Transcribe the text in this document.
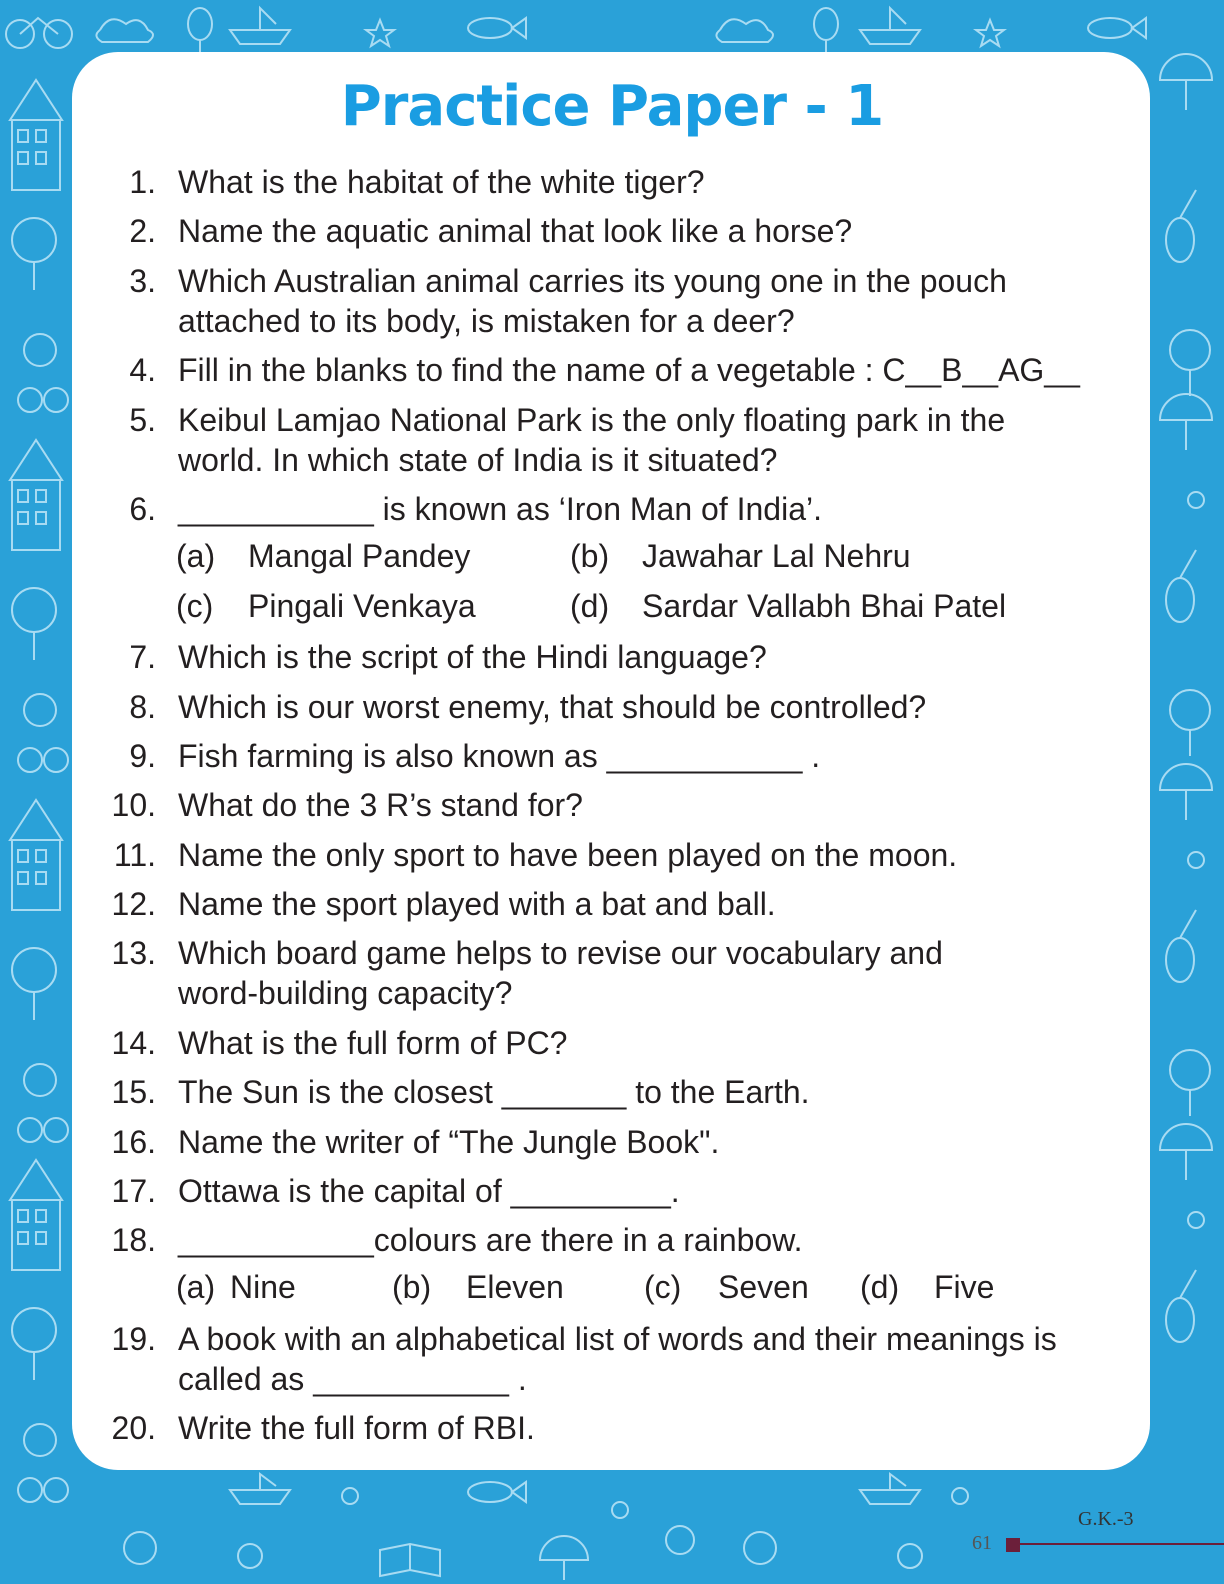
Practice Paper - 1
1. What is the habitat of the white tiger?
2. Name the aquatic animal that look like a horse?
3. Which Australian animal carries its young one in the pouch
attached to its body, is mistaken for a deer?
4. Fill in the blanks to find the name of a vegetable : C__B__AG__
5. Keibul Lamjao National Park is the only floating park in the
world. In which state of India is it situated?
6. ___________ is known as ‘Iron Man of India’.
(a) Mangal Pandey	(b) Jawahar Lal Nehru
(c) Pingali Venkaya	(d) Sardar Vallabh Bhai Patel
7. Which is the script of the Hindi language?
8. Which is our worst enemy, that should be controlled?
9. Fish farming is also known as ___________ .
10. What do the 3 R’s stand for?
11. Name the only sport to have been played on the moon.
12. Name the sport played with a bat and ball.
13. Which board game helps to revise our vocabulary and
word-building capacity?
14. What is the full form of PC?
15. The Sun is the closest _______ to the Earth.
16. Name the writer of “The Jungle Book".
17. Ottawa is the capital of _________.
18. ___________colours are there in a rainbow.
(a) Nine	(b) Eleven	(c) Seven (d) Five
19. A book with an alphabetical list of words and their meanings is
called as ___________ .
20. Write the full form of RBI.
G.K.-3
61
